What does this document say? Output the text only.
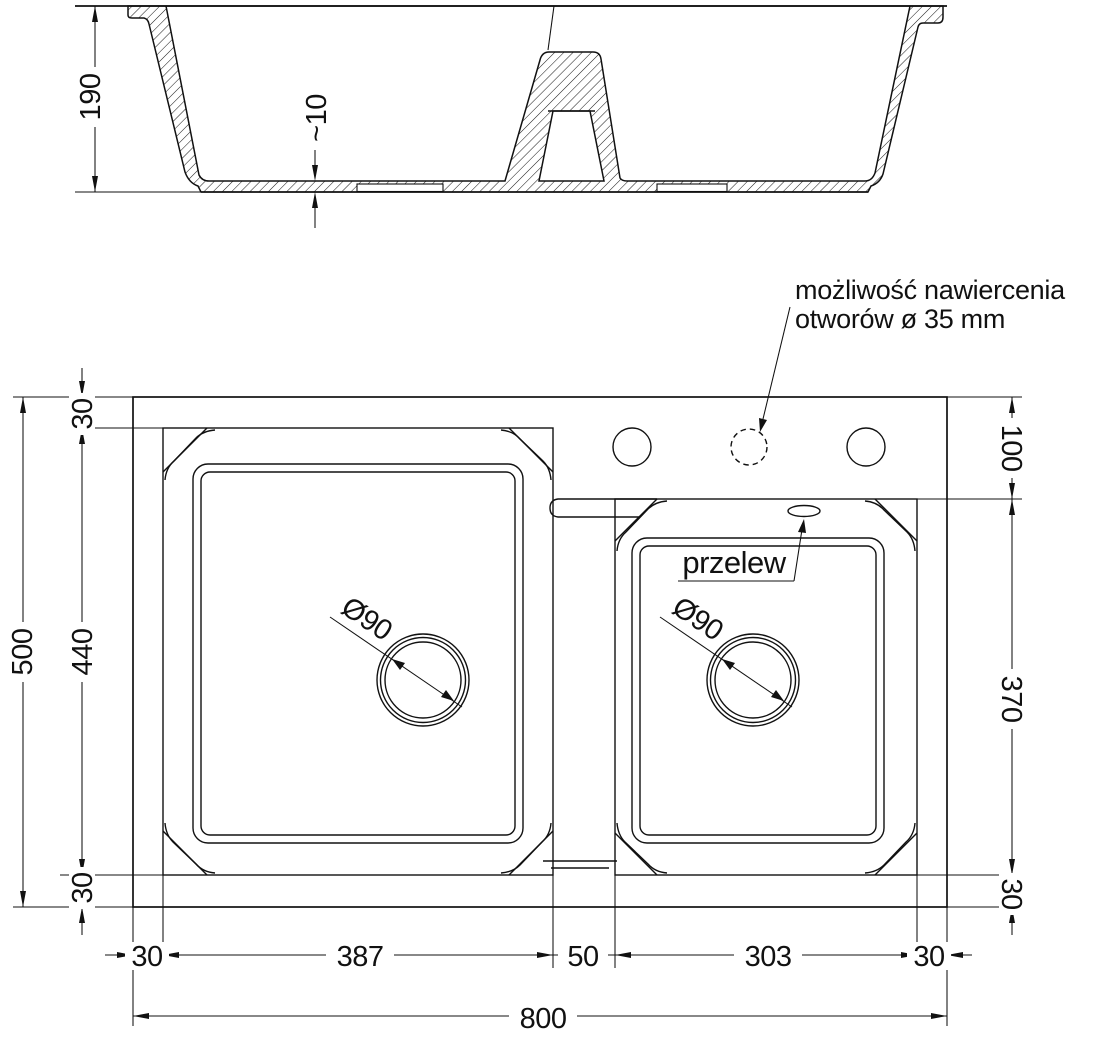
190	~10
przelew
możliwość nawiercenia
otworów ø 35 mm
Ø90	Ø90
500 440
30
30
100
370
30
30	387	50	303	30
800
